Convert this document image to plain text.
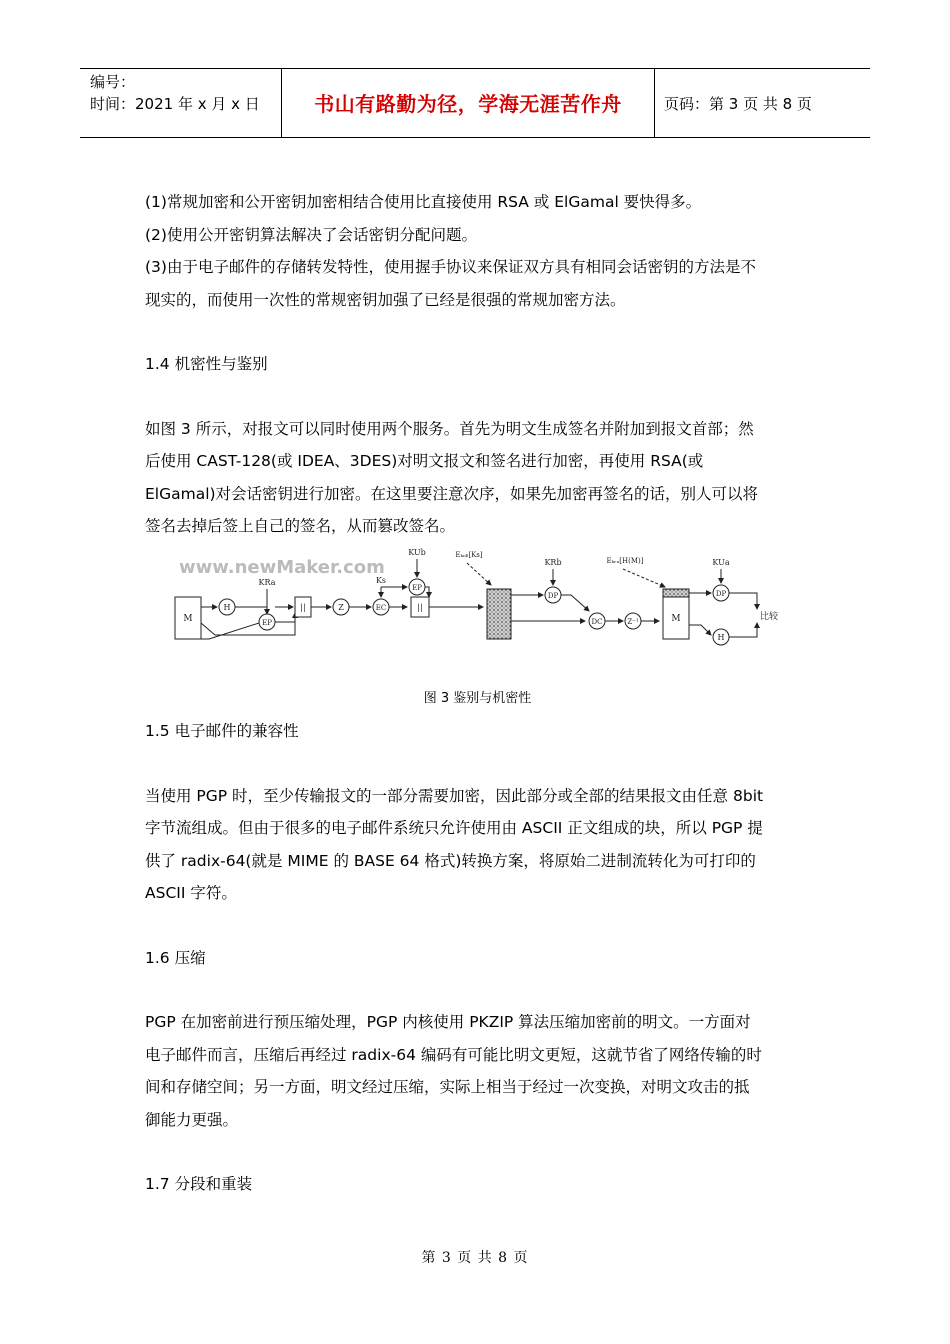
编号：
时间：2021 年 x 月 x 日	书山有路勤为径，学海无涯苦作舟	页码：第 3 页 共 8 页

(1)常规加密和公开密钥加密相结合使用比直接使用 RSA 或 ElGamal 要快得多。

(2)使用公开密钥算法解决了会话密钥分配问题。

(3)由于电子邮件的存储转发特性，使用握手协议来保证双方具有相同会话密钥的方法是不

现实的，而使用一次性的常规密钥加强了已经是很强的常规加密方法。

1.4 机密性与鉴别

如图 3 所示，对报文可以同时使用两个服务。首先为明文生成签名并附加到报文首部；然

后使用 CAST-128(或 IDEA、3DES)对明文报文和签名进行加密，再使用 RSA(或

ElGamal)对会话密钥进行加密。在这里要注意次序，如果先加密再签名的话，别人可以将

签名去掉后签上自己的签名，从而篡改签名。

www.newMaker.com
M
H
KRa
EP
||	Z
Ks
EC
KUb
EP
||
Eₖᵤᵦ[Ks]
KRb
DP
DC	Z⁻¹
Eₖᵣₐ[H(M)]
M
KUa
DP
H
比较

图 3 鉴别与机密性

1.5 电子邮件的兼容性

当使用 PGP 时，至少传输报文的一部分需要加密，因此部分或全部的结果报文由任意 8bit

字节流组成。但由于很多的电子邮件系统只允许使用由 ASCII 正文组成的块，所以 PGP 提

供了 radix-64(就是 MIME 的 BASE 64 格式)转换方案，将原始二进制流转化为可打印的

ASCII 字符。

1.6 压缩

PGP 在加密前进行预压缩处理，PGP 内核使用 PKZIP 算法压缩加密前的明文。一方面对

电子邮件而言，压缩后再经过 radix-64 编码有可能比明文更短，这就节省了网络传输的时

间和存储空间；另一方面，明文经过压缩，实际上相当于经过一次变换，对明文攻击的抵

御能力更强。

1.7 分段和重装

第 3 页 共 8 页
